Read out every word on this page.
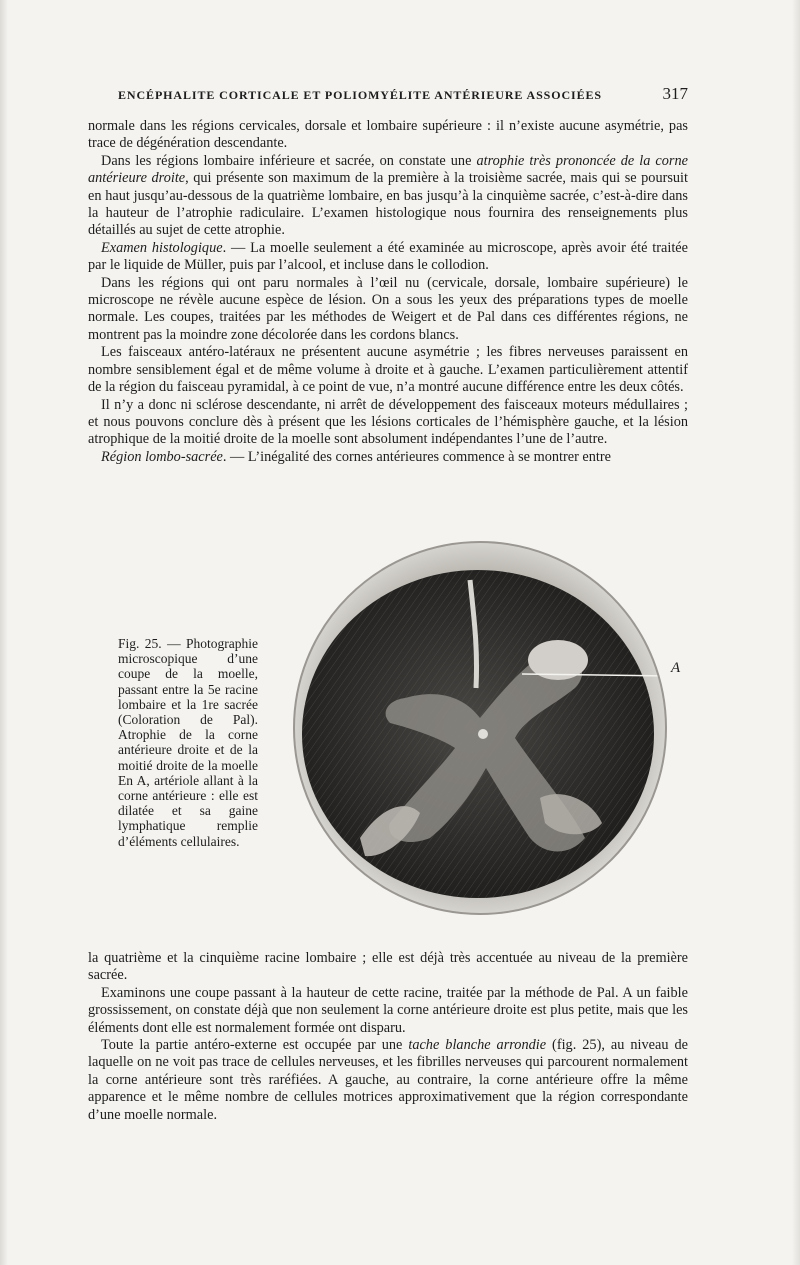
ENCÉPHALITE CORTICALE ET POLIOMYÉLITE ANTÉRIEURE ASSOCIÉES	317

normale dans les régions cervicales, dorsale et lombaire supérieure : il n’existe aucune asymétrie, pas trace de dégénération descendante.

Dans les régions lombaire inférieure et sacrée, on constate une atrophie très prononcée de la corne antérieure droite, qui présente son maximum de la première à la troisième sacrée, mais qui se poursuit en haut jusqu’au-dessous de la quatrième lombaire, en bas jusqu’à la cinquième sacrée, c’est-à-dire dans la hauteur de l’atrophie radiculaire. L’examen histologique nous fournira des renseignements plus détaillés au sujet de cette atrophie.

Examen histologique. — La moelle seulement a été examinée au microscope, après avoir été traitée par le liquide de Müller, puis par l’alcool, et incluse dans le collodion.

Dans les régions qui ont paru normales à l’œil nu (cervicale, dorsale, lombaire supérieure) le microscope ne révèle aucune espèce de lésion. On a sous les yeux des préparations types de moelle normale. Les coupes, traitées par les méthodes de Weigert et de Pal dans ces différentes régions, ne montrent pas la moindre zone décolorée dans les cordons blancs.

Les faisceaux antéro-latéraux ne présentent aucune asymétrie ; les fibres nerveuses paraissent en nombre sensiblement égal et de même volume à droite et à gauche. L’examen particulièrement attentif de la région du faisceau pyramidal, à ce point de vue, n’a montré aucune différence entre les deux côtés.

Il n’y a donc ni sclérose descendante, ni arrêt de développement des faisceaux moteurs médullaires ; et nous pouvons conclure dès à présent que les lésions corticales de l’hémisphère gauche, et la lésion atrophique de la moitié droite de la moelle sont absolument indépendantes l’une de l’autre.

Région lombo-sacrée. — L’inégalité des cornes antérieures commence à se montrer entre

Fig. 25. — Photographie microscopique d’une coupe de la moelle, passant entre la 5e racine lombaire et la 1re sacrée (Coloration de Pal). Atrophie de la corne antérieure droite et de la moitié droite de la moelle En A, artériole allant à la corne antérieure : elle est dilatée et sa gaine lymphatique remplie d’éléments cellulaires.
A

la quatrième et la cinquième racine lombaire ; elle est déjà très accentuée au niveau de la première sacrée.

Examinons une coupe passant à la hauteur de cette racine, traitée par la méthode de Pal. A un faible grossissement, on constate déjà que non seulement la corne antérieure droite est plus petite, mais que les éléments dont elle est normalement formée ont disparu.

Toute la partie antéro-externe est occupée par une tache blanche arrondie (fig. 25), au niveau de laquelle on ne voit pas trace de cellules nerveuses, et les fibrilles nerveuses qui parcourent normalement la corne antérieure sont très raréfiées. A gauche, au contraire, la corne antérieure offre la même apparence et le même nombre de cellules motrices approximativement que la région correspondante d’une moelle normale.
